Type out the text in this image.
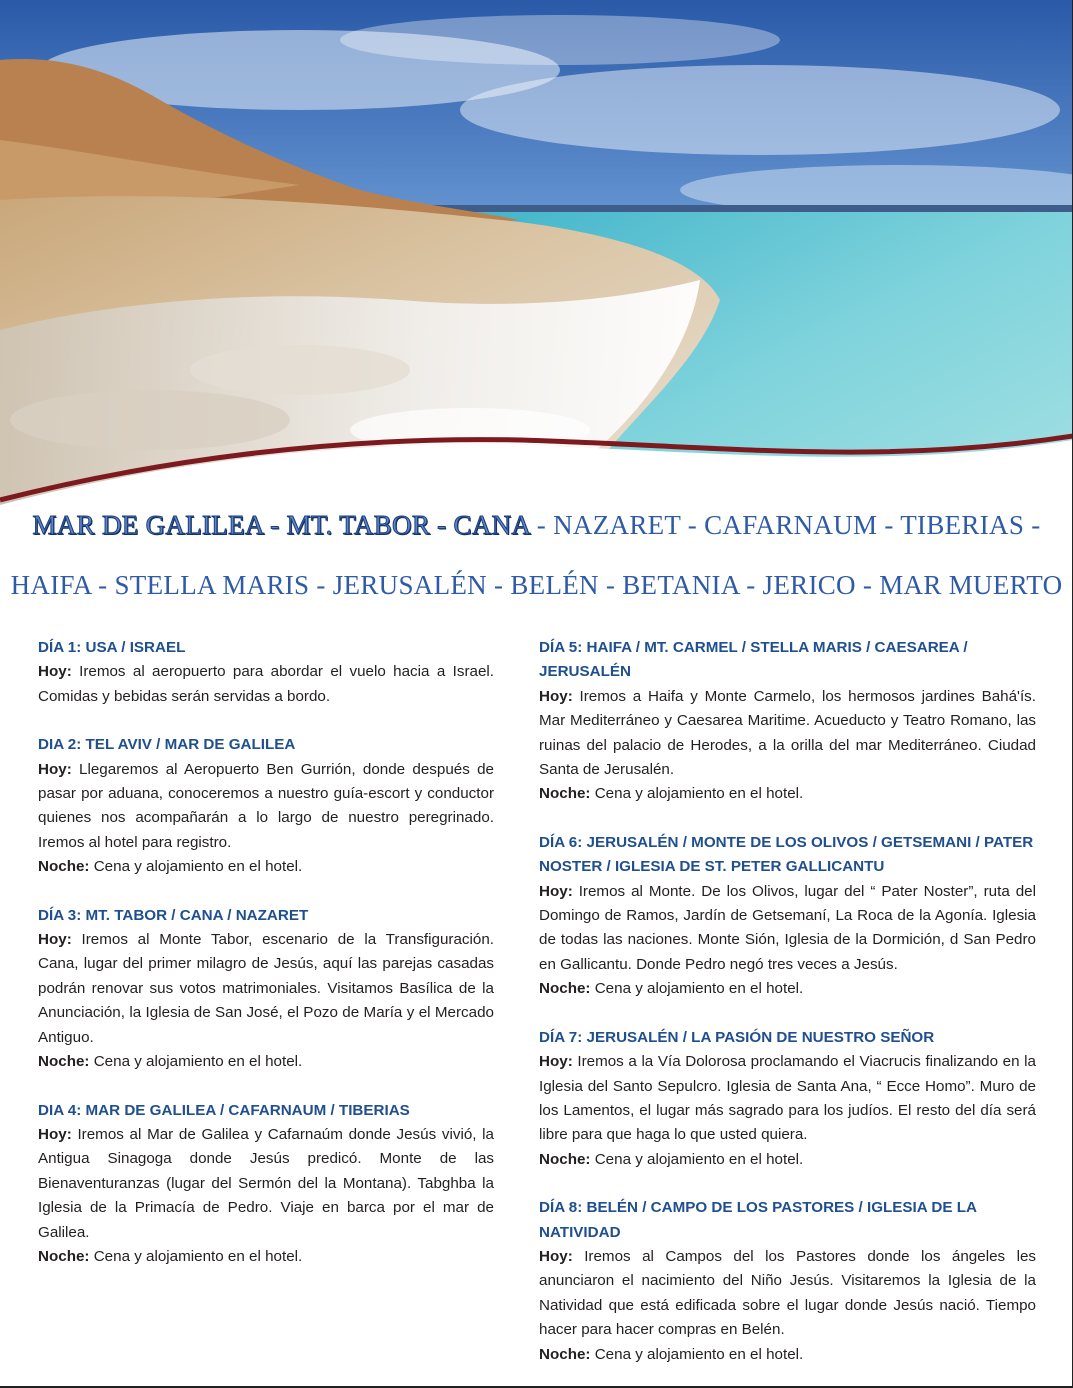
MAR DE GALILEA - MT. TABOR - CANA - NAZARET - CAFARNAUM - TIBERIAS -
HAIFA - STELLA MARIS - JERUSALÉN - BELÉN - BETANIA - JERICO - MAR MUERTO
DÍA 1: USA / ISRAEL
Hoy: Iremos al aeropuerto para abordar el vuelo hacia a Israel. Comidas y bebidas serán servidas a bordo.
DIA 2: TEL AVIV / MAR DE GALILEA
Hoy: Llegaremos al Aeropuerto Ben Gurrión, donde después de pasar por aduana, conoceremos a nuestro guía-escort y conductor quienes nos acompañarán a lo largo de nuestro peregrinado. Iremos al hotel para registro.
Noche: Cena y alojamiento en el hotel.
DÍA 3: MT. TABOR / CANA / NAZARET
Hoy: Iremos al Monte Tabor, escenario de la Transfiguración. Cana, lugar del primer milagro de Jesús, aquí las parejas casadas podrán renovar sus votos matrimoniales. Visitamos Basílica de la Anunciación, la Iglesia de San José, el Pozo de María y el Mercado Antiguo.
Noche: Cena y alojamiento en el hotel.
DIA 4: MAR DE GALILEA / CAFARNAUM / TIBERIAS
Hoy: Iremos al Mar de Galilea y Cafarnaúm donde Jesús vivió, la Antigua Sinagoga donde Jesús predicó. Monte de las Bienaventuranzas (lugar del Sermón del la Montana). Tabghba la Iglesia de la Primacía de Pedro. Viaje en barca por el mar de Galilea.
Noche: Cena y alojamiento en el hotel.
DÍA 5: HAIFA / MT. CARMEL / STELLA MARIS / CAESAREA / JERUSALÉN
Hoy: Iremos a Haifa y Monte Carmelo, los hermosos jardines Bahá'ís. Mar Mediterráneo y Caesarea Maritime. Acueducto y Teatro Romano, las ruinas del palacio de Herodes, a la orilla del mar Mediterráneo. Ciudad Santa de Jerusalén.
Noche: Cena y alojamiento en el hotel.
DÍA 6: JERUSALÉN / MONTE DE LOS OLIVOS / GETSEMANI / PATER NOSTER / IGLESIA DE ST. PETER GALLICANTU
Hoy: Iremos al Monte. De los Olivos, lugar del “ Pater Noster”, ruta del Domingo de Ramos, Jardín de Getsemaní, La Roca de la Agonía. Iglesia de todas las naciones. Monte Sión, Iglesia de la Dormición, d San Pedro en Gallicantu. Donde Pedro negó tres veces a Jesús.
Noche: Cena y alojamiento en el hotel.
DÍA 7: JERUSALÉN / LA PASIÓN DE NUESTRO SEÑOR
Hoy: Iremos a la Vía Dolorosa proclamando el Viacrucis finalizando en la Iglesia del Santo Sepulcro. Iglesia de Santa Ana, “ Ecce Homo”. Muro de los Lamentos, el lugar más sagrado para los judíos. El resto del día será libre para que haga lo que usted quiera.
Noche: Cena y alojamiento en el hotel.
DÍA 8: BELÉN / CAMPO DE LOS PASTORES / IGLESIA DE LA NATIVIDAD
Hoy: Iremos al Campos del los Pastores donde los ángeles les anunciaron el nacimiento del Niño Jesús. Visitaremos la Iglesia de la Natividad que está edificada sobre el lugar donde Jesús nació. Tiempo hacer para hacer compras en Belén.
Noche: Cena y alojamiento en el hotel.
